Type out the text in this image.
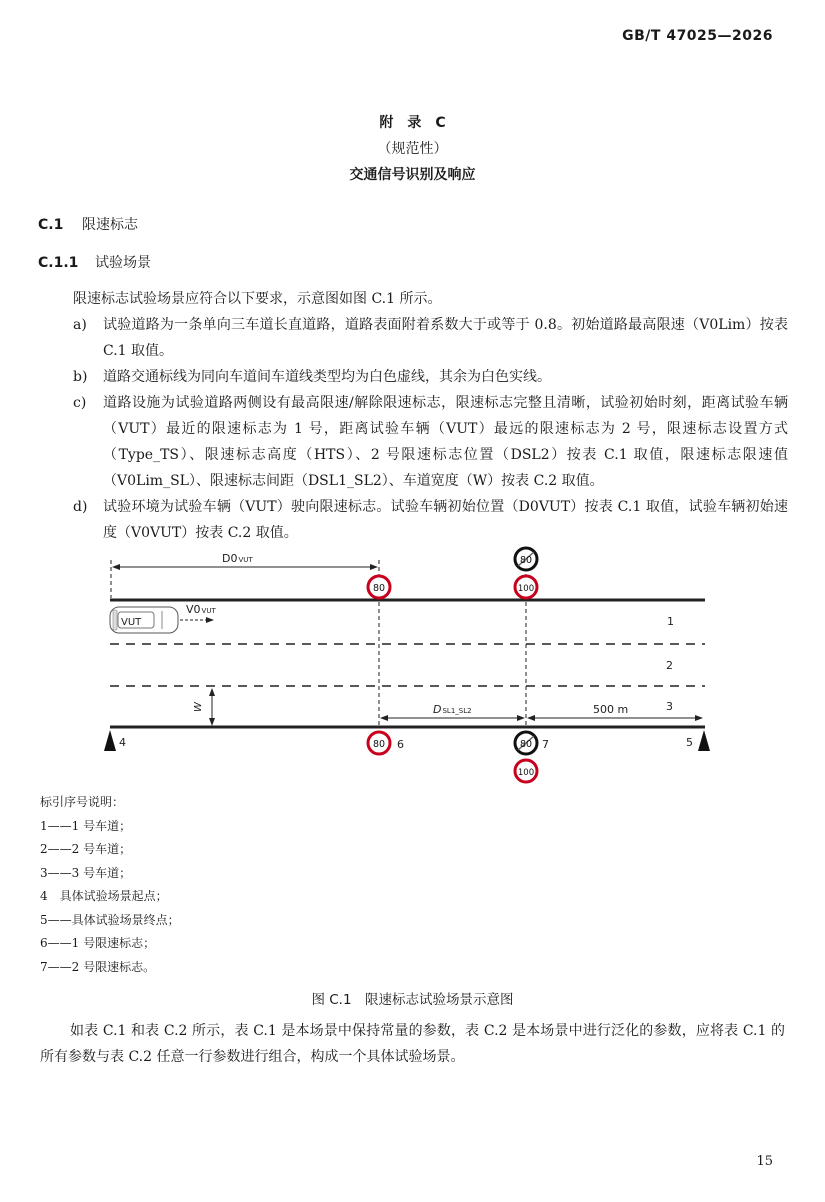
GB/T 47025—2026
附　录　C
（规范性）
交通信号识别及响应
C.1 限速标志
C.1.1 试验场景
限速标志试验场景应符合以下要求，示意图如图 C.1 所示。
a) 试验道路为一条单向三车道长直道路，道路表面附着系数大于或等于 0.8。初始道路最高限速（V0Lim）按表 C.1 取值。
b) 道路交通标线为同向车道间车道线类型均为白色虚线，其余为白色实线。
c) 道路设施为试验道路两侧设有最高限速/解除限速标志，限速标志完整且清晰，试验初始时刻，距离试验车辆（VUT）最近的限速标志为 1 号，距离试验车辆（VUT）最远的限速标志为 2 号，限速标志设置方式（Type_TS）、限速标志高度（HTS）、2 号限速标志位置（DSL2）按表 C.1 取值，限速标志限速值（V0Lim_SL）、限速标志间距（DSL1_SL2）、车道宽度（W）按表 C.2 取值。
d) 试验环境为试验车辆（VUT）驶向限速标志。试验车辆初始位置（D0VUT）按表 C.1 取值，试验车辆初始速度（V0VUT）按表 C.2 取值。
D0VUT
80
80
100
VUT
V0VUT
1
2
3
W	DSL1_SL2	500 m
4	5
80 6	80 7
100
标引序号说明：
1——1 号车道；
2——2 号车道；
3——3 号车道；
4　具体试验场景起点；
5——具体试验场景终点；
6——1 号限速标志；
7——2 号限速标志。
图 C.1　限速标志试验场景示意图
如表 C.1 和表 C.2 所示，表 C.1 是本场景中保持常量的参数，表 C.2 是本场景中进行泛化的参数，应将表 C.1 的所有参数与表 C.2 任意一行参数进行组合，构成一个具体试验场景。
15
